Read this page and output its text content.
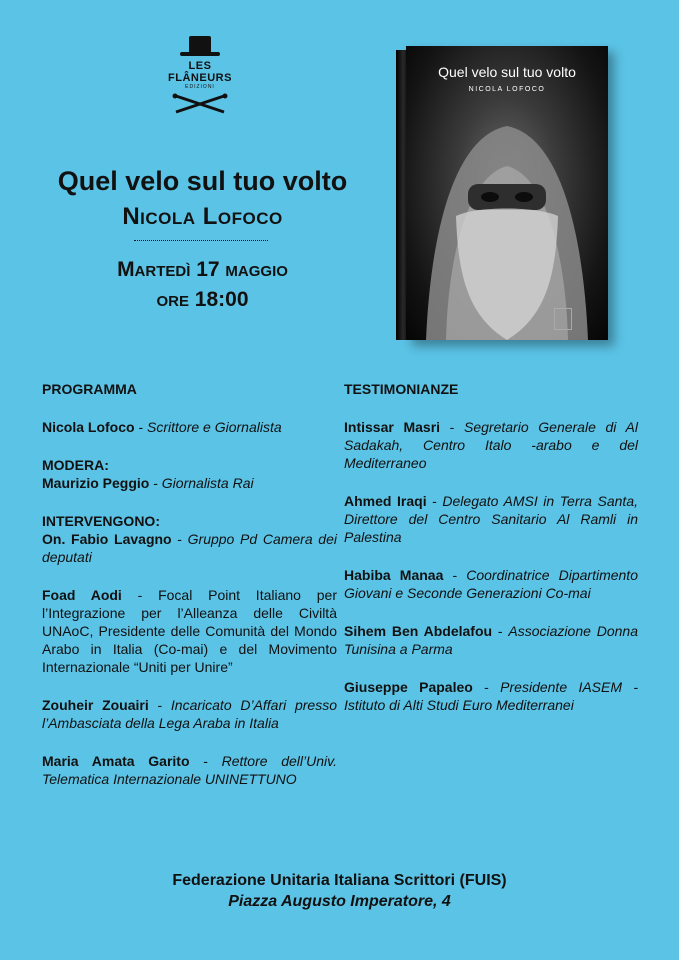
LES FLÂNEURS
EDIZIONI
Quel velo sul tuo volto
Nicola Lofoco
Martedì 17 maggio
ore 18:00
Quel velo sul tuo volto
NICOLA LOFOCO
PROGRAMMA
Nicola Lofoco - Scrittore e Giornalista
MODERA:
Maurizio Peggio - Giornalista Rai
INTERVENGONO:
On. Fabio Lavagno - Gruppo Pd Camera dei deputati
Foad Aodi - Focal Point Italiano per l’Integrazione per l’Alleanza delle Civiltà UNAoC, Presidente delle Comunità del Mondo Arabo in Italia (Co-mai) e del Movimento Internazionale “Uniti per Unire”
Zouheir Zouairi - Incaricato D’Affari presso l’Ambasciata della Lega Araba in Italia
Maria Amata Garito - Rettore dell’Univ. Telematica Internazionale UNINETTUNO
TESTIMONIANZE
Intissar Masri - Segretario Generale di Al Sadakah, Centro Italo -arabo e del Mediterraneo
Ahmed Iraqi - Delegato AMSI in Terra Santa, Direttore del Centro Sanitario Al Ramli in Palestina
Habiba Manaa - Coordinatrice Dipartimento Giovani e Seconde Generazioni Co-mai
Sihem Ben Abdelafou - Associazione Donna Tunisina a Parma
Giuseppe Papaleo - Presidente IASEM - Istituto di Alti Studi Euro Mediterranei
Federazione Unitaria Italiana Scrittori (FUIS)
Piazza Augusto Imperatore, 4
